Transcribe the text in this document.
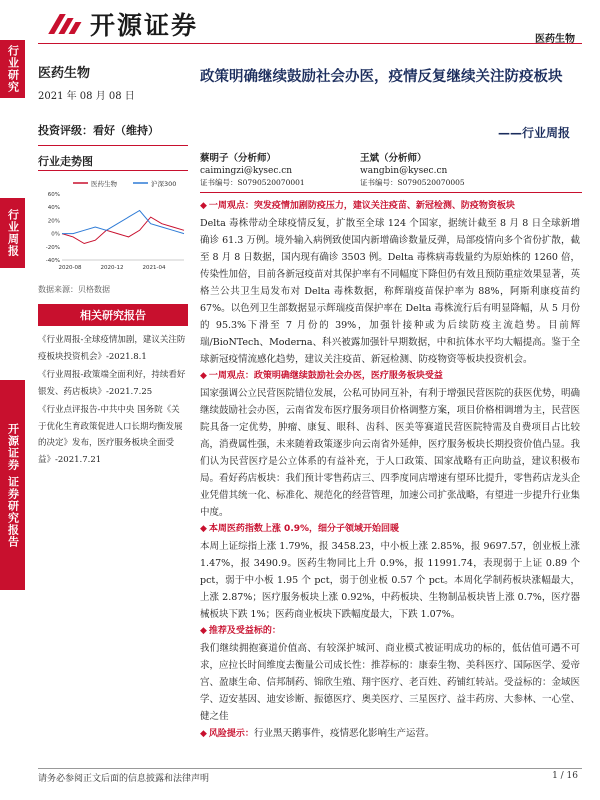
行业研究
行业周报
开源证券 证券研究报告
开源证券	医药生物
医药生物
2021 年 08 月 08 日
投资评级：看好（维持）
行业走势图
医药生物	沪深300
60%
40%
20%
0%
-20%
-40%
2020-08	2020-12	2021-04
数据来源：贝格数据
相关研究报告
《行业周报-全球疫情加剧，建议关注防疫板块投资机会》-2021.8.1
《行业周报-政策端全面利好，持续看好银发、药店板块》-2021.7.25
《行业点评报告-中共中央 国务院《关于优化生育政策促进人口长期均衡发展的决定》发布，医疗服务板块全面受益》-2021.7.21
政策明确继续鼓励社会办医，疫情反复继续关注防疫板块
——行业周报
蔡明子（分析师）
caimingzi@kysec.cn
证书编号：S0790520070001
王斌（分析师）
wangbin@kysec.cn
证书编号：S0790520070005
◆ 一周观点：突发疫情加剧防疫压力，建议关注疫苗、新冠检测、防疫物资板块

Delta 毒株带动全球疫情反复，扩散至全球 124 个国家，据统计截至 8 月 8 日全球新增确诊 61.3 万例。境外输入病例致使国内新增确诊数量反弹，局部疫情向多个省份扩散，截至 8 月 8 日数据，国内现有确诊 3503 例。Delta 毒株病毒载量约为原始株的 1260 倍，传染性加倍，目前各新冠疫苗对其保护率有不同幅度下降但仍有效且预防重症效果显著，英格兰公共卫生局发布对 Delta 毒株数据，称辉瑞疫苗保护率为 88%，阿斯利康疫苗约 67%。以色列卫生部数据显示辉瑞疫苗保护率在 Delta 毒株流行后有明显降幅，从 5 月份的 95.3%下滑至 7 月份的 39%，加强针接种或为后续防疫主流趋势。目前辉瑞/BioNTech、Moderna、科兴被露加强针早期数据，中和抗体水平均大幅提高。鉴于全球新冠疫情流感化趋势，建议关注疫苗、新冠检测、防疫物资等板块投资机会。

◆ 一周观点：政策明确继续鼓励社会办医，医疗服务板块受益

国家强调公立民营医院错位发展，公私可协同互补，有利于增强民营医院的获医优势，明确继续鼓励社会办医，云南省发布医疗服务项目价格调整方案，项目价格相调增为主，民营医院具备一定优势，肿瘤、康复、眼科、齿科、医美等赛道民营医院特需及自费项目占比较高，消费属性强，未来随着政策逐步向云南省外延伸，医疗服务板块长期投资价值凸显。我们认为民营医疗是公立体系的有益补充，于人口政策、国家战略有正向助益，建议积极布局。看好药店板块：我们预计零售药店三、四季度同店增速有望环比提升，零售药店龙头企业凭借其统一化、标准化、规范化的经营管理，加速公司扩张战略，有望进一步提升行业集中度。

◆ 本周医药指数上涨 0.9%，细分子领域开始回暖

本周上证综指上涨 1.79%，报 3458.23，中小板上涨 2.85%，报 9697.57，创业板上涨 1.47%，报 3490.9。医药生物同比上升 0.9%，报 11991.74，表现弱于上证 0.89 个 pct，弱于中小板 1.95 个 pct，弱于创业板 0.57 个 pct。本周化学制药板块涨幅最大，上涨 2.87%；医疗服务板块上涨 0.92%，中药板块、生物制品板块皆上涨 0.7%，医疗器械板块下跌 1%；医药商业板块下跌幅度最大，下跌 1.07%。

◆ 推荐及受益标的：

我们继续拥抱赛道价值高、有较深护城河、商业模式被证明成功的标的，低估值可遇不可求，应拉长时间维度去衡量公司成长性：推荐标的：康泰生物、美科医疗、国际医学、爱帝宫、盈康生命、信邦制药、锦欣生殖、翔宇医疗、老百姓、药铺红转站。受益标的：金域医学、迈安基因、迪安诊断、振德医疗、奥美医疗、三星医疗、益丰药房、大参林、一心堂、健之佳

◆ 风险提示：行业黑天鹅事件，疫情恶化影响生产运营。
请务必参阅正文后面的信息披露和法律声明	1 / 16
